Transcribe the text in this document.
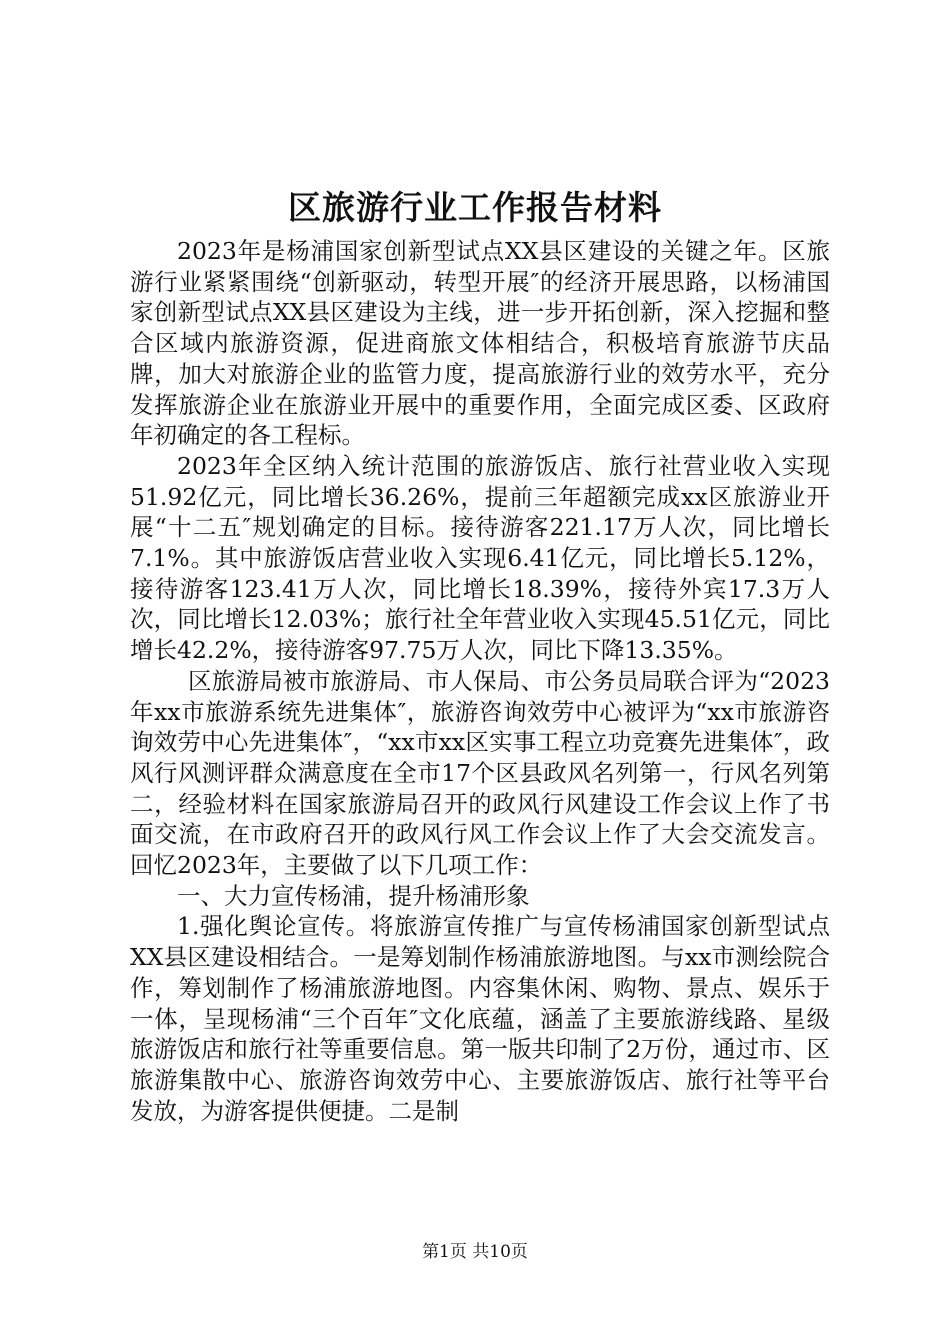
区旅游行业工作报告材料

2023年是杨浦国家创新型试点XX县区建设的关键之年。区旅游行业紧紧围绕“创新驱动，转型开展″的经济开展思路，以杨浦国家创新型试点XX县区建设为主线，进一步开拓创新，深入挖掘和整合区域内旅游资源，促进商旅文体相结合，积极培育旅游节庆品牌，加大对旅游企业的监管力度，提高旅游行业的效劳水平，充分发挥旅游企业在旅游业开展中的重要作用，全面完成区委、区政府年初确定的各工程标。

2023年全区纳入统计范围的旅游饭店、旅行社营业收入实现51.92亿元，同比增长36.26%，提前三年超额完成xx区旅游业开展“十二五″规划确定的目标。接待游客221.17万人次，同比增长7.1%。其中旅游饭店营业收入实现6.41亿元，同比增长5.12%，接待游客123.41万人次，同比增长18.39%，接待外宾17.3万人次，同比增长12.03%；旅行社全年营业收入实现45.51亿元，同比增长42.2%，接待游客97.75万人次，同比下降13.35%。

区旅游局被市旅游局、市人保局、市公务员局联合评为“2023年xx市旅游系统先进集体″，旅游咨询效劳中心被评为“xx市旅游咨询效劳中心先进集体″，“xx市xx区实事工程立功竞赛先进集体″，政风行风测评群众满意度在全市17个区县政风名列第一，行风名列第二，经验材料在国家旅游局召开的政风行风建设工作会议上作了书面交流，在市政府召开的政风行风工作会议上作了大会交流发言。回忆2023年，主要做了以下几项工作：

一、大力宣传杨浦，提升杨浦形象

1.强化舆论宣传。将旅游宣传推广与宣传杨浦国家创新型试点XX县区建设相结合。一是筹划制作杨浦旅游地图。与xx市测绘院合作，筹划制作了杨浦旅游地图。内容集休闲、购物、景点、娱乐于一体，呈现杨浦“三个百年″文化底蕴，涵盖了主要旅游线路、星级旅游饭店和旅行社等重要信息。第一版共印制了2万份，通过市、区旅游集散中心、旅游咨询效劳中心、主要旅游饭店、旅行社等平台发放，为游客提供便捷。二是制

第1页 共10页
